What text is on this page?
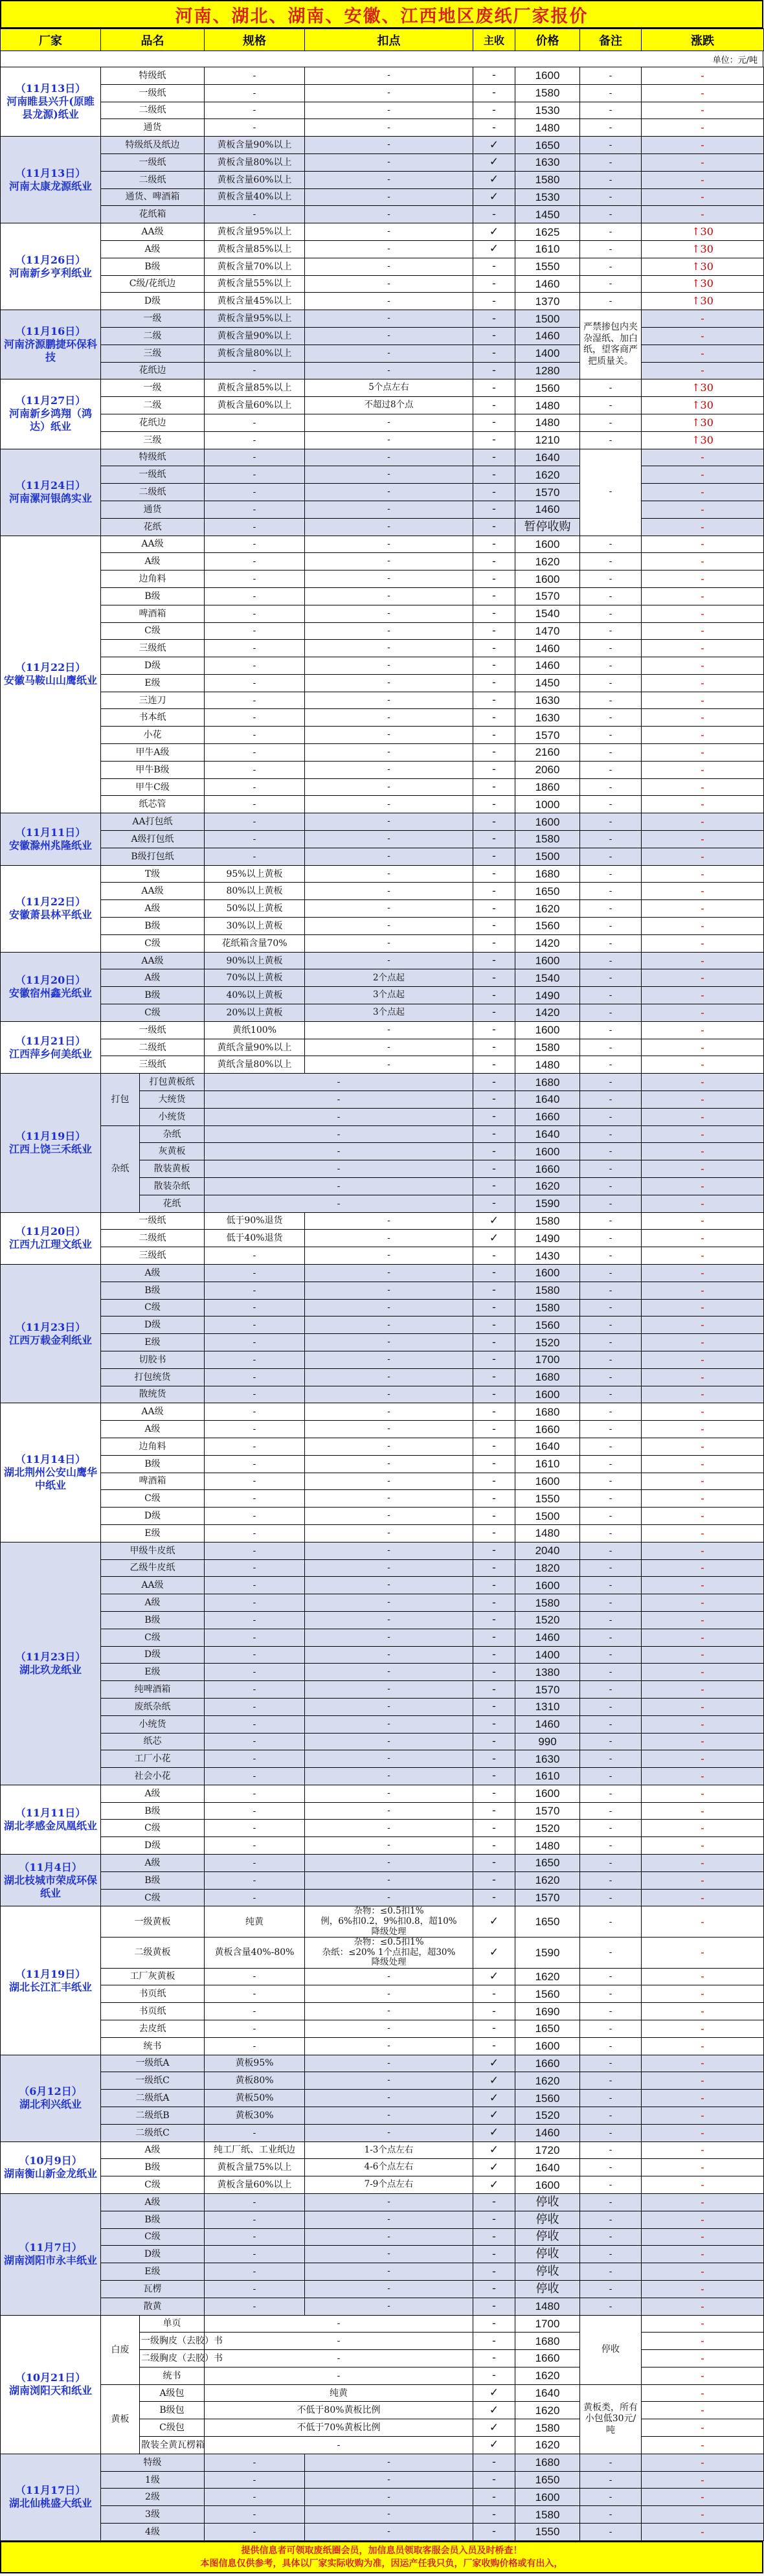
河南、湖北、湖南、安徽、江西地区废纸厂家报价
厂家	品名	规格	扣点	主收	价格	备注	涨跌
单位：元/吨
（11月13日）
河南睢县兴升(原睢县龙源)纸业	特级纸		-	-	-	1600	-	-
	一级纸		-	-	-	1580	-	-
	二级纸		-	-	-	1530	-	-
	通货		-	-	-	1480	-	-
（11月13日）
河南太康龙源纸业	特级纸及纸边		黄板含量90%以上	-	✓	1650	-	-
	一级纸		黄板含量80%以上	-	✓	1630	-	-
	二级纸		黄板含量60%以上	-	✓	1580	-	-
	通货、啤酒箱		黄板含量40%以上	-	✓	1530	-	-
	花纸箱		-	-	-	1450	-	-
（11月26日）
河南新乡亨利纸业	AA级		黄板含量95%以上	-	✓	1625	-	↑30
	A级		黄板含量85%以上	-	✓	1610	-	↑30
	B级		黄板含量70%以上	-	-	1550	-	↑30
	C级/花纸边		黄板含量55%以上	-	-	1460	-	↑30
	D级		黄板含量45%以上	-	-	1370	-	↑30
（11月16日）
河南济源鹏捷环保科技	一级		黄板含量95%以上	-	-	1500	严禁掺包内夹杂湿纸、加白纸，望客商严把质量关。	-
	二级		黄板含量90%以上	-	-	1460		-
	三级		黄板含量80%以上	-	-	1400		-
	花纸边		-	-	-	1280		-
（11月27日）
河南新乡鸿翔（鸿达）纸业	一级		黄板含量85%以上	5个点左右	-	1560	-	↑30
	二级		黄板含量60%以上	不超过8个点	-	1480	-	↑30
	花纸边		-	-	-	1480	-	↑30
	三级		-	-	-	1210	-	↑30
（11月24日）
河南漯河银鸽实业	特级纸		-	-	-	1640	-	-
	一级纸		-	-	-	1620		-
	二级纸		-	-	-	1570		-
	通货		-	-	-	1460		-
	花纸		-	-	-	暂停收购		-
（11月22日）
安徽马鞍山山鹰纸业	AA级		-	-	-	1600	-	-
	A级		-	-	-	1620	-	-
	边角料		-	-	-	1600	-	-
	B级		-	-	-	1570	-	-
	啤酒箱		-	-	-	1540	-	-
	C级		-	-	-	1470	-	-
	三级纸		-	-	-	1460	-	-
	D级		-	-	-	1460	-	-
	E级		-	-	-	1450	-	-
	三连刀		-	-	-	1630	-	-
	书本纸		-	-	-	1630	-	-
	小花		-	-	-	1570	-	-
	甲牛A级		-	-	-	2160	-	-
	甲牛B级		-	-	-	2060	-	-
	甲牛C级		-	-	-	1860	-	-
	纸芯管		-	-	-	1000	-	-
（11月11日）
安徽滁州兆隆纸业	AA打包纸		-	-	-	1600	-	-
	A级打包纸		-	-	-	1580	-	-
	B级打包纸		-	-	-	1500	-	-
（11月22日）
安徽萧县林平纸业	T级		95%以上黄板	-	-	1680	-	-
	AA级		80%以上黄板	-	-	1650	-	-
	A级		50%以上黄板	-	-	1620	-	-
	B级		30%以上黄板	-	-	1560	-	-
	C级		花纸箱含量70%	-	-	1420	-	-
（11月20日）
安徽宿州鑫光纸业	AA级		90%以上黄板	-	-	1600	-	-
	A级		70%以上黄板	2个点起	-	1540	-	-
	B级		40%以上黄板	3个点起	-	1490	-	-
	C级		20%以上黄板	3个点起	-	1420	-	-
（11月21日）
江西萍乡何美纸业	一级纸		黄纸100%	-	-	1600	-	-
	二级纸		黄纸含量90%以上	-	-	1580	-	-
	三级纸		黄纸含量80%以上	-	-	1480	-	-
（11月19日）
江西上饶三禾纸业	打包	打包黄板纸	-		-	1680	-	-
		大统货	-		-	1640	-	-
		小统货	-		-	1660	-	-
	杂纸	杂纸	-		-	1640	-	-
		灰黄板	-		-	1600	-	-
		散装黄板	-		-	1660	-	-
		散装杂纸	-		-	1620	-	-
		花纸	-		-	1590	-	-
（11月20日）
江西九江理文纸业	一级纸		低于90%退货	-	✓	1580	-	-
	二级纸		低于40%退货	-	✓	1490	-	-
	三级纸		-	-	-	1430	-	-
（11月23日）
江西万载金利纸业	A级		-	-	-	1600	-	-
	B级		-	-	-	1580	-	-
	C级		-	-	-	1580	-	-
	D级		-	-	-	1560	-	-
	E级		-	-	-	1520	-	-
	切胶书		-	-	-	1700	-	-
	打包统货		-	-	-	1680	-	-
	散统货		-	-	-	1600	-	-
（11月14日）
湖北荆州公安山鹰华中纸业	AA级		-	-	-	1680	-	-
	A级		-	-	-	1660	-	-
	边角料		-	-	-	1640	-	-
	B级		-	-	-	1610	-	-
	啤酒箱		-	-	-	1600	-	-
	C级		-	-	-	1550	-	-
	D级		-	-	-	1500	-	-
	E级		-	-	-	1480	-	-
（11月23日）
湖北玖龙纸业	甲级牛皮纸		-	-	-	2040	-	-
	乙级牛皮纸		-	-	-	1820	-	-
	AA级		-	-	-	1600	-	-
	A级		-	-	-	1580	-	-
	B级		-	-	-	1520	-	-
	C级		-	-	-	1460	-	-
	D级		-	-	-	1400	-	-
	E级		-	-	-	1380	-	-
	纯啤酒箱		-	-	-	1570	-	-
	废纸杂纸		-	-	-	1310	-	-
	小统货		-	-	-	1460	-	-
	纸芯		-	-	-	990	-	-
	工厂小花		-	-	-	1630	-	-
	社会小花		-	-	-	1610	-	-
（11月11日）
湖北孝感金凤凰纸业	A级		-	-	-	1600	-	-
	B级		-	-	-	1570	-	-
	C级		-	-	-	1520	-	-
	D级		-	-	-	1480	-	-
（11月4日）
湖北枝城市荣成环保纸业	A级		-	-	-	1650	-	-
	B级		-	-	-	1620	-	-
	C级		-	-	-	1570	-	-
（11月19日）
湖北长江汇丰纸业	一级黄板		纯黄	杂物：≤0.5扣1%
例，6%扣0.2，9%扣0.8，超10%
降级处理	✓	1650	-	-
	二级黄板		黄板含量40%-80%	杂物：≤0.5扣1%
杂纸：≤20% 1个点扣起，超30%
降级处理	✓	1590	-	-
	工厂灰黄板		-	-	✓	1620	-	-
	书页纸		-	-	-	1560	-	-
	书页纸		-	-	-	1690	-	-
	去皮纸		-	-	-	1650	-	-
	统书		-	-	-	1600	-	-
（6月12日）
湖北利兴纸业	一级纸A		黄板95%	-	✓	1660	-	-
	一级纸C		黄板80%	-	✓	1620	-	-
	二级纸A		黄板50%	-	✓	1560	-	-
	二级纸B		黄板30%	-	✓	1520	-	-
	二级纸C		-	-	✓	1460	-	-
（10月9日）
湖南衡山新金龙纸业	A级		纯工厂纸、工业纸边	1-3个点左右	✓	1720	-	-
	B级		黄板含量75%以上	4-6个点左右	✓	1640	-	-
	C级		黄板含量60%以上	7-9个点左右	✓	1600	-	-
（11月7日）
湖南浏阳市永丰纸业	A级		-	-	-	停收	-	-
	B级		-	-	-	停收	-	-
	C级		-	-	-	停收	-	-
	D级		-	-	-	停收	-	-
	E级		-	-	-	停收	-	-
	瓦楞		-	-	-	停收	-	-
	散黄		-	-	-	1480	-	-
（10月21日）
湖南浏阳天和纸业	白废	单页	-		-	1700	停收	-
		一级胸皮（去胶）书	-		-	1680		-
		二级胸皮（去胶）书	-		-	1660		-
		统书	-		-	1620		-
	黄板	A级包	纯黄		✓	1640	黄板类，所有小包低30元/吨	-
		B级包	不低于80%黄板比例		✓	1620		-
		C级包	不低于70%黄板比例		✓	1580		-
		散装全黄瓦楞箱	-		✓	1620		-
（11月17日）
湖北仙桃盛大纸业	特级		-	-	-	1680	-	-
	1级		-	-	-	1650	-	-
	2级		-	-	-	1600	-	-
	3级		-	-	-	1580	-	-
	4级		-	-	-	1550	-	-
提供信息者可领取废纸圈会员，加信息员领取客服会员入员及时桥查！
本图信息仅供参考，具体以厂家实际收购为准，因运产任我只负，厂家收购价格或有出入，
